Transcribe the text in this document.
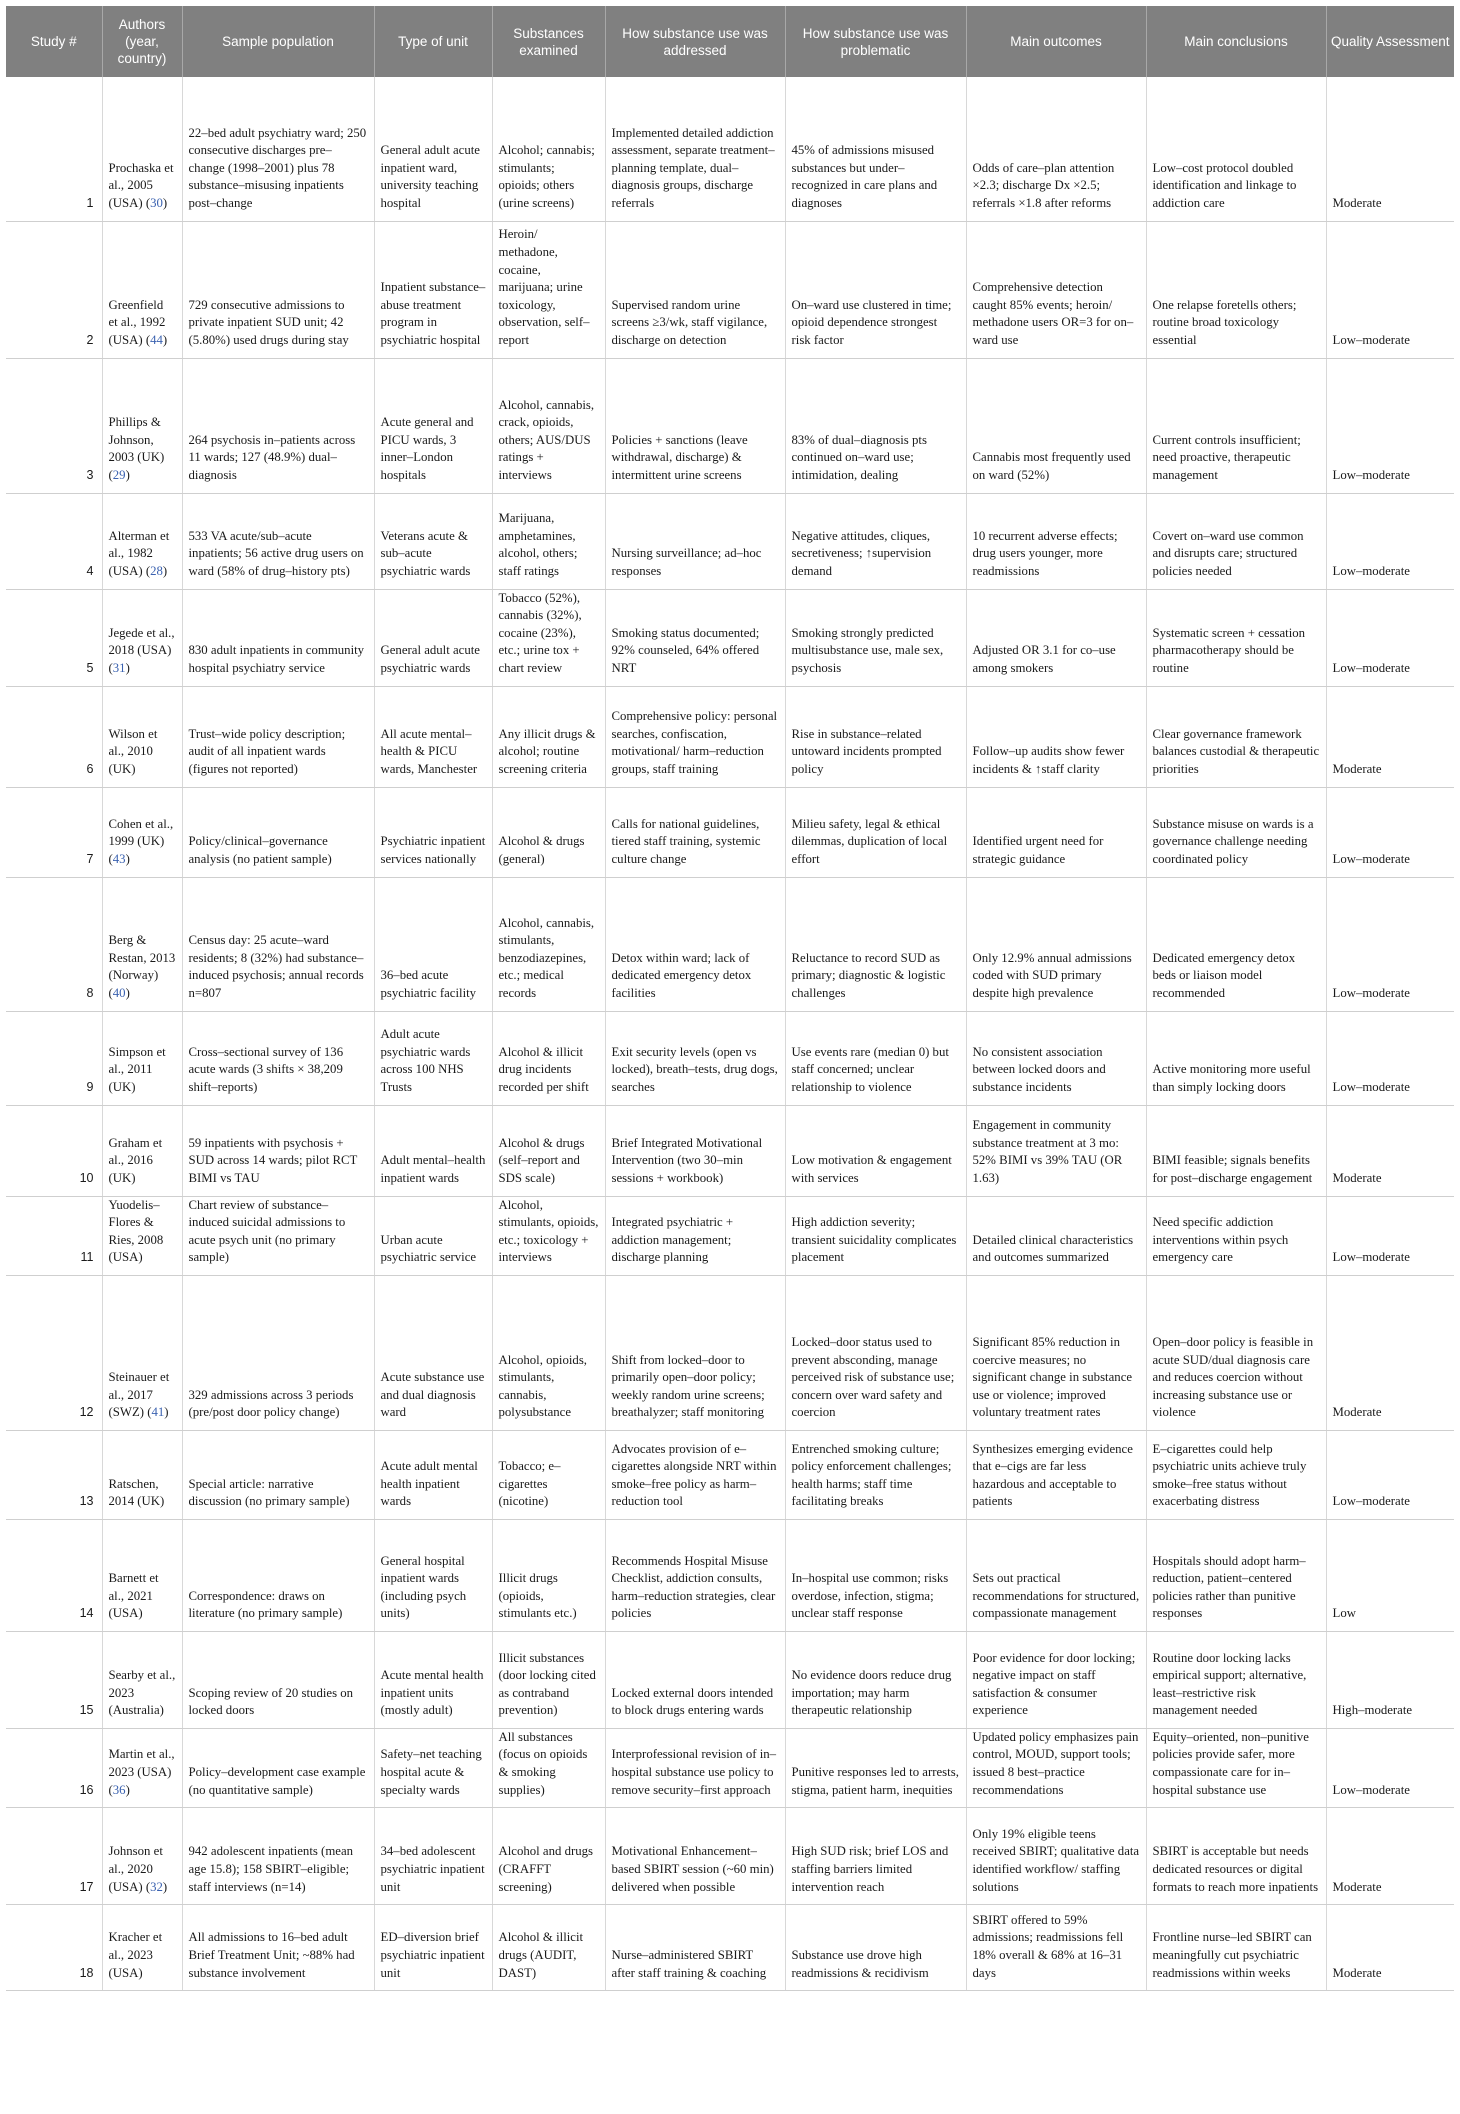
Study #	Authors (year, country)	Sample population	Type of unit	Substances examined	How substance use was addressed	How substance use was problematic	Main outcomes	Main conclusions	Quality Assessment
1	Prochaska et al., 2005 (USA) (30)	22–bed adult psychiatry ward; 250 consecutive discharges pre–change (1998–2001) plus 78 substance–misusing inpatients post–change	General adult acute inpatient ward, university teaching hospital	Alcohol; cannabis; stimulants; opioids; others (urine screens)	Implemented detailed addiction assessment, separate treatment–planning template, dual–diagnosis groups, discharge referrals	45% of admissions misused substances but under–recognized in care plans and diagnoses	Odds of care–plan attention ×2.3; discharge Dx ×2.5; referrals ×1.8 after reforms	Low–cost protocol doubled identification and linkage to addiction care	Moderate
2	Greenfield et al., 1992 (USA) (44)	729 consecutive admissions to private inpatient SUD unit; 42 (5.80%) used drugs during stay	Inpatient substance–abuse treatment program in psychiatric hospital	Heroin/ methadone, cocaine, marijuana; urine toxicology, observation, self–report	Supervised random urine screens ≥3/wk, staff vigilance, discharge on detection	On–ward use clustered in time; opioid dependence strongest risk factor	Comprehensive detection caught 85% events; heroin/ methadone users OR=3 for on–ward use	One relapse foretells others; routine broad toxicology essential	Low–moderate
3	Phillips & Johnson, 2003 (UK) (29)	264 psychosis in–patients across 11 wards; 127 (48.9%) dual–diagnosis	Acute general and PICU wards, 3 inner–London hospitals	Alcohol, cannabis, crack, opioids, others; AUS/DUS ratings + interviews	Policies + sanctions (leave withdrawal, discharge) & intermittent urine screens	83% of dual–diagnosis pts continued on–ward use; intimidation, dealing	Cannabis most frequently used on ward (52%)	Current controls insufficient; need proactive, therapeutic management	Low–moderate
4	Alterman et al., 1982 (USA) (28)	533 VA acute/sub–acute inpatients; 56 active drug users on ward (58% of drug–history pts)	Veterans acute & sub–acute psychiatric wards	Marijuana, amphetamines, alcohol, others; staff ratings	Nursing surveillance; ad–hoc responses	Negative attitudes, cliques, secretiveness; ↑supervision demand	10 recurrent adverse effects; drug users younger, more readmissions	Covert on–ward use common and disrupts care; structured policies needed	Low–moderate
5	Jegede et al., 2018 (USA) (31)	830 adult inpatients in community hospital psychiatry service	General adult acute psychiatric wards	Tobacco (52%), cannabis (32%), cocaine (23%), etc.; urine tox + chart review	Smoking status documented; 92% counseled, 64% offered NRT	Smoking strongly predicted multisubstance use, male sex, psychosis	Adjusted OR 3.1 for co–use among smokers	Systematic screen + cessation pharmacotherapy should be routine	Low–moderate
6	Wilson et al., 2010 (UK)	Trust–wide policy description; audit of all inpatient wards (figures not reported)	All acute mental–health & PICU wards, Manchester	Any illicit drugs & alcohol; routine screening criteria	Comprehensive policy: personal searches, confiscation, motivational/ harm–reduction groups, staff training	Rise in substance–related untoward incidents prompted policy	Follow–up audits show fewer incidents & ↑staff clarity	Clear governance framework balances custodial & therapeutic priorities	Moderate
7	Cohen et al., 1999 (UK) (43)	Policy/clinical–governance analysis (no patient sample)	Psychiatric inpatient services nationally	Alcohol & drugs (general)	Calls for national guidelines, tiered staff training, systemic culture change	Milieu safety, legal & ethical dilemmas, duplication of local effort	Identified urgent need for strategic guidance	Substance misuse on wards is a governance challenge needing coordinated policy	Low–moderate
8	Berg & Restan, 2013 (Norway) (40)	Census day: 25 acute–ward residents; 8 (32%) had substance–induced psychosis; annual records n=807	36–bed acute psychiatric facility	Alcohol, cannabis, stimulants, benzodiazepines, etc.; medical records	Detox within ward; lack of dedicated emergency detox facilities	Reluctance to record SUD as primary; diagnostic & logistic challenges	Only 12.9% annual admissions coded with SUD primary despite high prevalence	Dedicated emergency detox beds or liaison model recommended	Low–moderate
9	Simpson et al., 2011 (UK)	Cross–sectional survey of 136 acute wards (3 shifts × 38,209 shift–reports)	Adult acute psychiatric wards across 100 NHS Trusts	Alcohol & illicit drug incidents recorded per shift	Exit security levels (open vs locked), breath–tests, drug dogs, searches	Use events rare (median 0) but staff concerned; unclear relationship to violence	No consistent association between locked doors and substance incidents	Active monitoring more useful than simply locking doors	Low–moderate
10	Graham et al., 2016 (UK)	59 inpatients with psychosis + SUD across 14 wards; pilot RCT BIMI vs TAU	Adult mental–health inpatient wards	Alcohol & drugs (self–report and SDS scale)	Brief Integrated Motivational Intervention (two 30–min sessions + workbook)	Low motivation & engagement with services	Engagement in community substance treatment at 3 mo: 52% BIMI vs 39% TAU (OR 1.63)	BIMI feasible; signals benefits for post–discharge engagement	Moderate
11	Yuodelis–Flores & Ries, 2008 (USA)	Chart review of substance–induced suicidal admissions to acute psych unit (no primary sample)	Urban acute psychiatric service	Alcohol, stimulants, opioids, etc.; toxicology + interviews	Integrated psychiatric + addiction management; discharge planning	High addiction severity; transient suicidality complicates placement	Detailed clinical characteristics and outcomes summarized	Need specific addiction interventions within psych emergency care	Low–moderate
12	Steinauer et al., 2017 (SWZ) (41)	329 admissions across 3 periods (pre/post door policy change)	Acute substance use and dual diagnosis ward	Alcohol, opioids, stimulants, cannabis, polysubstance	Shift from locked–door to primarily open–door policy; weekly random urine screens; breathalyzer; staff monitoring	Locked–door status used to prevent absconding, manage perceived risk of substance use; concern over ward safety and coercion	Significant 85% reduction in coercive measures; no significant change in substance use or violence; improved voluntary treatment rates	Open–door policy is feasible in acute SUD/dual diagnosis care and reduces coercion without increasing substance use or violence	Moderate
13	Ratschen, 2014 (UK)	Special article: narrative discussion (no primary sample)	Acute adult mental health inpatient wards	Tobacco; e–cigarettes (nicotine)	Advocates provision of e–cigarettes alongside NRT within smoke–free policy as harm–reduction tool	Entrenched smoking culture; policy enforcement challenges; health harms; staff time facilitating breaks	Synthesizes emerging evidence that e–cigs are far less hazardous and acceptable to patients	E–cigarettes could help psychiatric units achieve truly smoke–free status without exacerbating distress	Low–moderate
14	Barnett et al., 2021 (USA)	Correspondence: draws on literature (no primary sample)	General hospital inpatient wards (including psych units)	Illicit drugs (opioids, stimulants etc.)	Recommends Hospital Misuse Checklist, addiction consults, harm–reduction strategies, clear policies	In–hospital use common; risks overdose, infection, stigma; unclear staff response	Sets out practical recommendations for structured, compassionate management	Hospitals should adopt harm–reduction, patient–centered policies rather than punitive responses	Low
15	Searby et al., 2023 (Australia)	Scoping review of 20 studies on locked doors	Acute mental health inpatient units (mostly adult)	Illicit substances (door locking cited as contraband prevention)	Locked external doors intended to block drugs entering wards	No evidence doors reduce drug importation; may harm therapeutic relationship	Poor evidence for door locking; negative impact on staff satisfaction & consumer experience	Routine door locking lacks empirical support; alternative, least–restrictive risk management needed	High–moderate
16	Martin et al., 2023 (USA) (36)	Policy–development case example (no quantitative sample)	Safety–net teaching hospital acute & specialty wards	All substances (focus on opioids & smoking supplies)	Interprofessional revision of in–hospital substance use policy to remove security–first approach	Punitive responses led to arrests, stigma, patient harm, inequities	Updated policy emphasizes pain control, MOUD, support tools; issued 8 best–practice recommendations	Equity–oriented, non–punitive policies provide safer, more compassionate care for in–hospital substance use	Low–moderate
17	Johnson et al., 2020 (USA) (32)	942 adolescent inpatients (mean age 15.8); 158 SBIRT–eligible; staff interviews (n=14)	34–bed adolescent psychiatric inpatient unit	Alcohol and drugs (CRAFFT screening)	Motivational Enhancement–based SBIRT session (~60 min) delivered when possible	High SUD risk; brief LOS and staffing barriers limited intervention reach	Only 19% eligible teens received SBIRT; qualitative data identified workflow/ staffing solutions	SBIRT is acceptable but needs dedicated resources or digital formats to reach more inpatients	Moderate
18	Kracher et al., 2023 (USA)	All admissions to 16–bed adult Brief Treatment Unit; ~88% had substance involvement	ED–diversion brief psychiatric inpatient unit	Alcohol & illicit drugs (AUDIT, DAST)	Nurse–administered SBIRT after staff training & coaching	Substance use drove high readmissions & recidivism	SBIRT offered to 59% admissions; readmissions fell 18% overall & 68% at 16–31 days	Frontline nurse–led SBIRT can meaningfully cut psychiatric readmissions within weeks	Moderate
